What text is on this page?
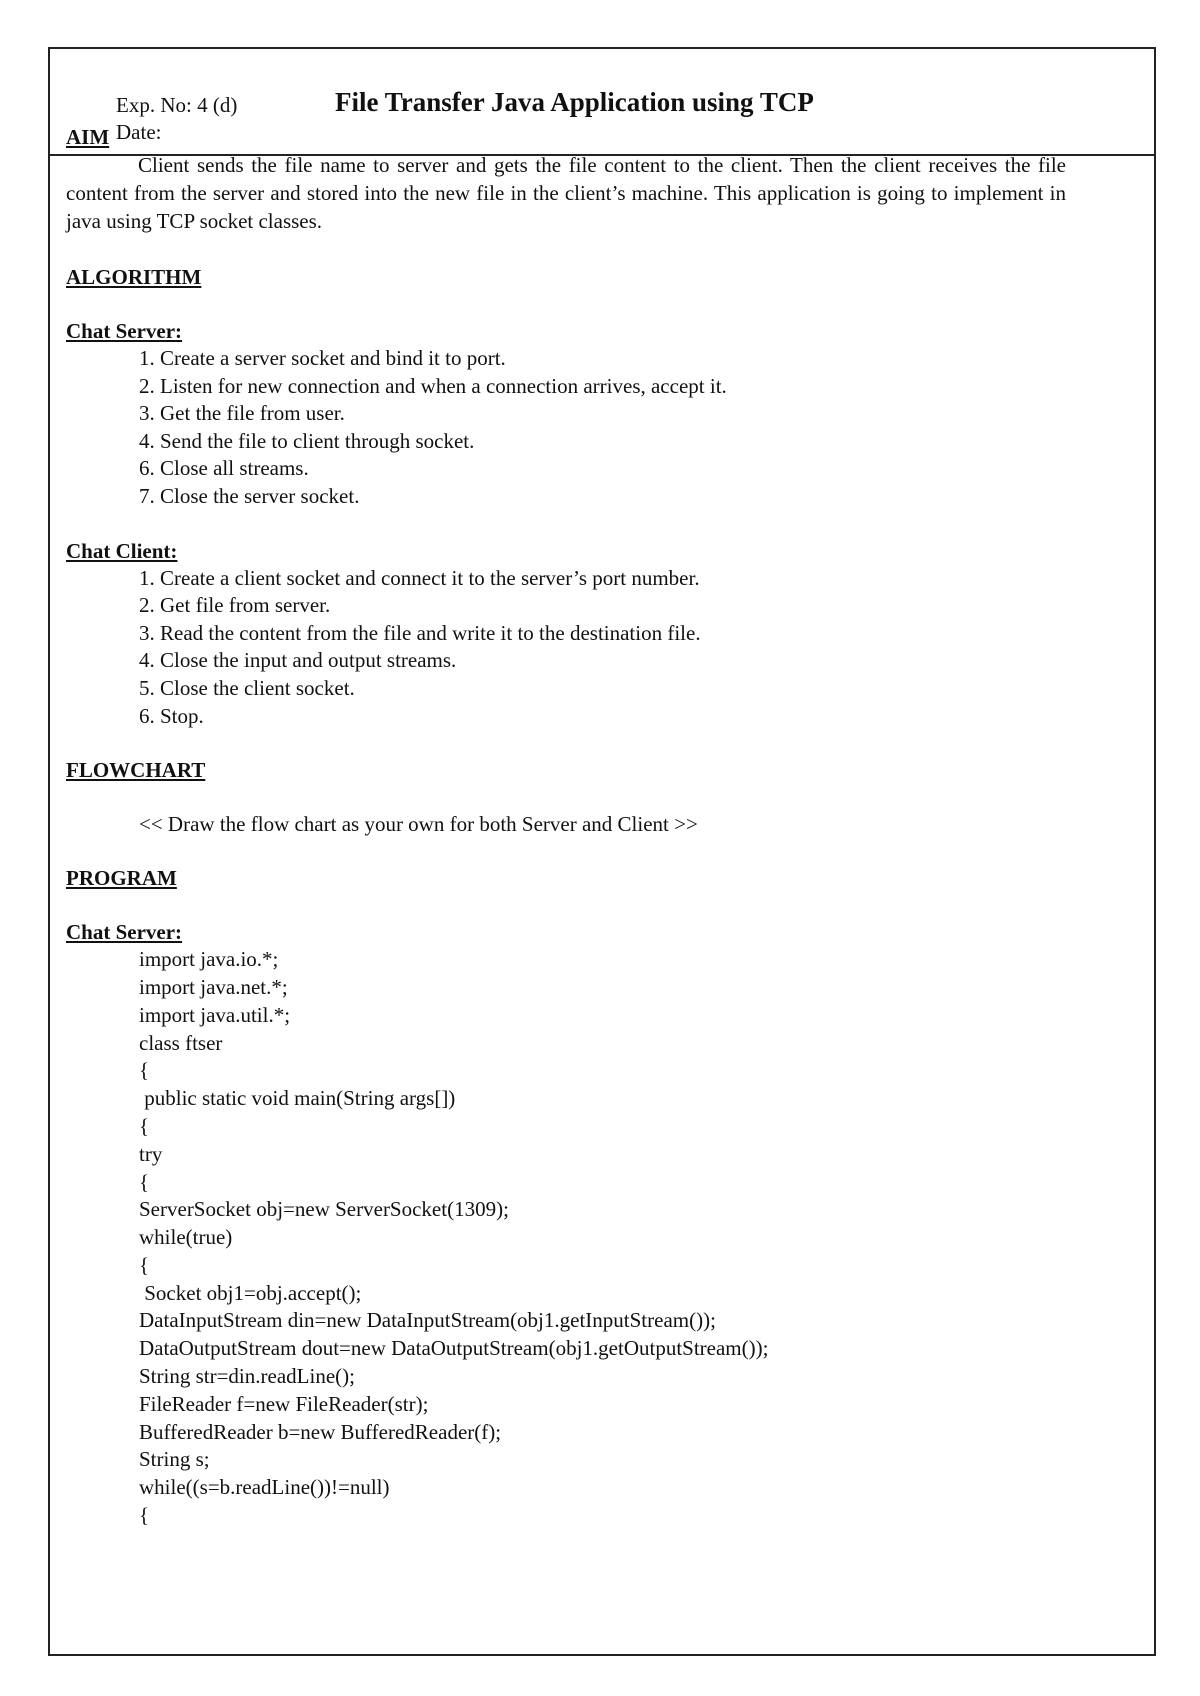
Exp. No: 4 (d)	File Transfer Java Application using TCP
Date:

AIM

Client sends the file name to server and gets the file content to the client. Then the client receives the file content from the server and stored into the new file in the client’s machine. This application is going to implement in java using TCP socket classes.

ALGORITHM

Chat Server:

1. Create a server socket and bind it to port.
2. Listen for new connection and when a connection arrives, accept it.
3. Get the file from user.
4. Send the file to client through socket.
6. Close all streams.
7. Close the server socket.

Chat Client:

1. Create a client socket and connect it to the server’s port number.
2. Get file from server.
3. Read the content from the file and write it to the destination file.
4. Close the input and output streams.
5. Close the client socket.
6. Stop.

FLOWCHART

<< Draw the flow chart as your own for both Server and Client >>

PROGRAM

Chat Server:

import java.io.*;
import java.net.*;
import java.util.*;
class ftser
{
public static void main(String args[])
{
try
{
ServerSocket obj=new ServerSocket(1309);
while(true)
{
Socket obj1=obj.accept();
DataInputStream din=new DataInputStream(obj1.getInputStream());
DataOutputStream dout=new DataOutputStream(obj1.getOutputStream());
String str=din.readLine();
FileReader f=new FileReader(str);
BufferedReader b=new BufferedReader(f);
String s;
while((s=b.readLine())!=null)
{
